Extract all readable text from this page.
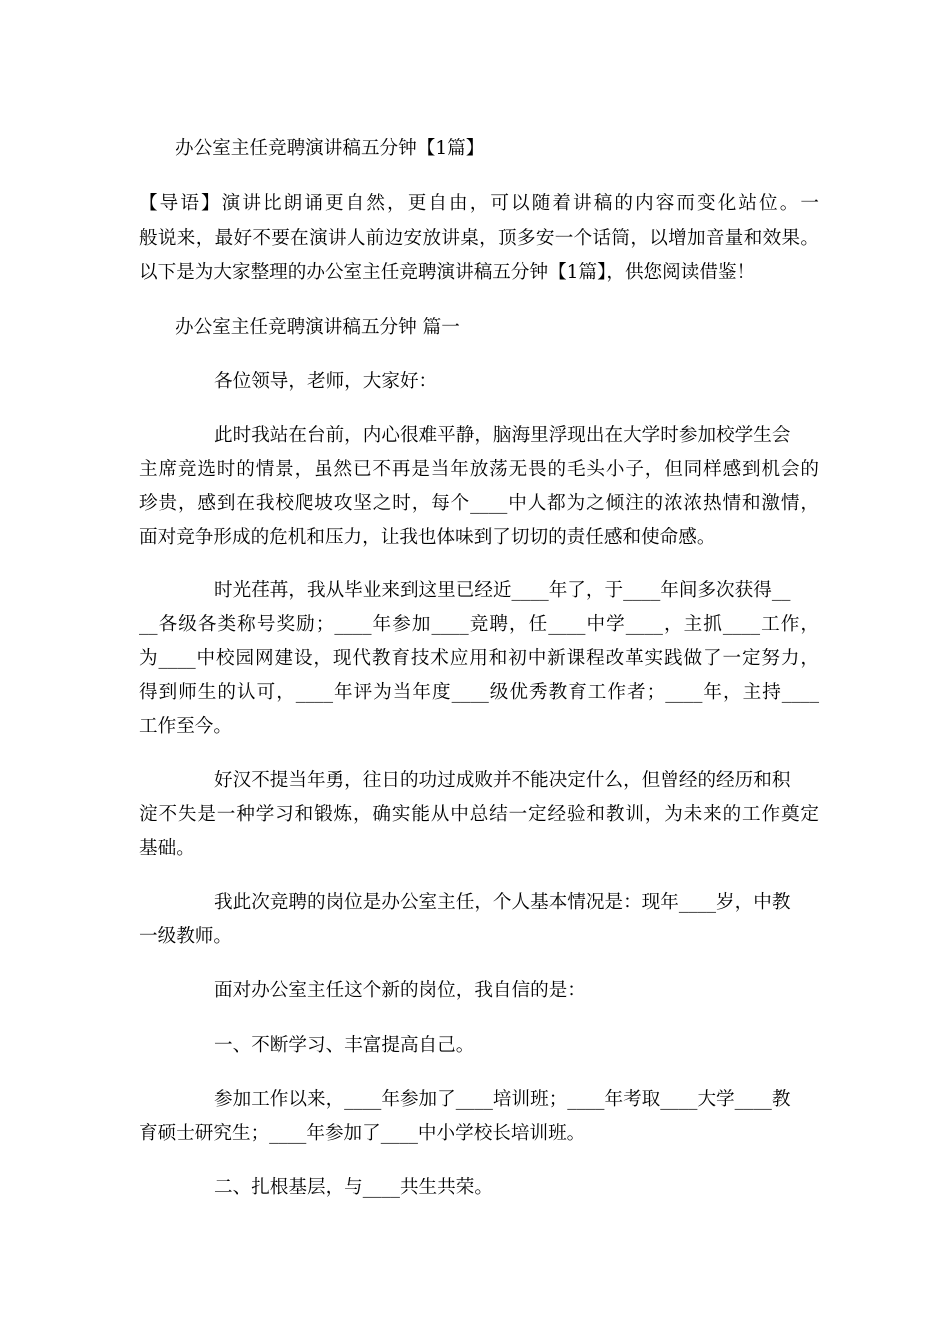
办公室主任竞聘演讲稿五分钟【1篇】
【导语】演讲比朗诵更自然，更自由，可以随着讲稿的内容而变化站位。一
般说来，最好不要在演讲人前边安放讲桌，顶多安一个话筒，以增加音量和效果。
以下是为大家整理的办公室主任竞聘演讲稿五分钟【1篇】，供您阅读借鉴！
办公室主任竞聘演讲稿五分钟 篇一
各位领导，老师，大家好：
此时我站在台前，内心很难平静，脑海里浮现出在大学时参加校学生会
主席竞选时的情景，虽然已不再是当年放荡无畏的毛头小子，但同样感到机会的
珍贵，感到在我校爬坡攻坚之时，每个____中人都为之倾注的浓浓热情和激情，
面对竞争形成的危机和压力，让我也体味到了切切的责任感和使命感。
时光荏苒，我从毕业来到这里已经近____年了，于____年间多次获得__
__各级各类称号奖励；____年参加____竞聘，任____中学____，主抓____工作，
为____中校园网建设，现代教育技术应用和初中新课程改革实践做了一定努力，
得到师生的认可，____年评为当年度____级优秀教育工作者；____年，主持____
工作至今。
好汉不提当年勇，往日的功过成败并不能决定什么，但曾经的经历和积
淀不失是一种学习和锻炼，确实能从中总结一定经验和教训，为未来的工作奠定
基础。
我此次竞聘的岗位是办公室主任，个人基本情况是：现年____岁，中教
一级教师。
面对办公室主任这个新的岗位，我自信的是：
一、不断学习、丰富提高自己。
参加工作以来，____年参加了____培训班；____年考取____大学____教
育硕士研究生；____年参加了____中小学校长培训班。
二、扎根基层，与____共生共荣。
